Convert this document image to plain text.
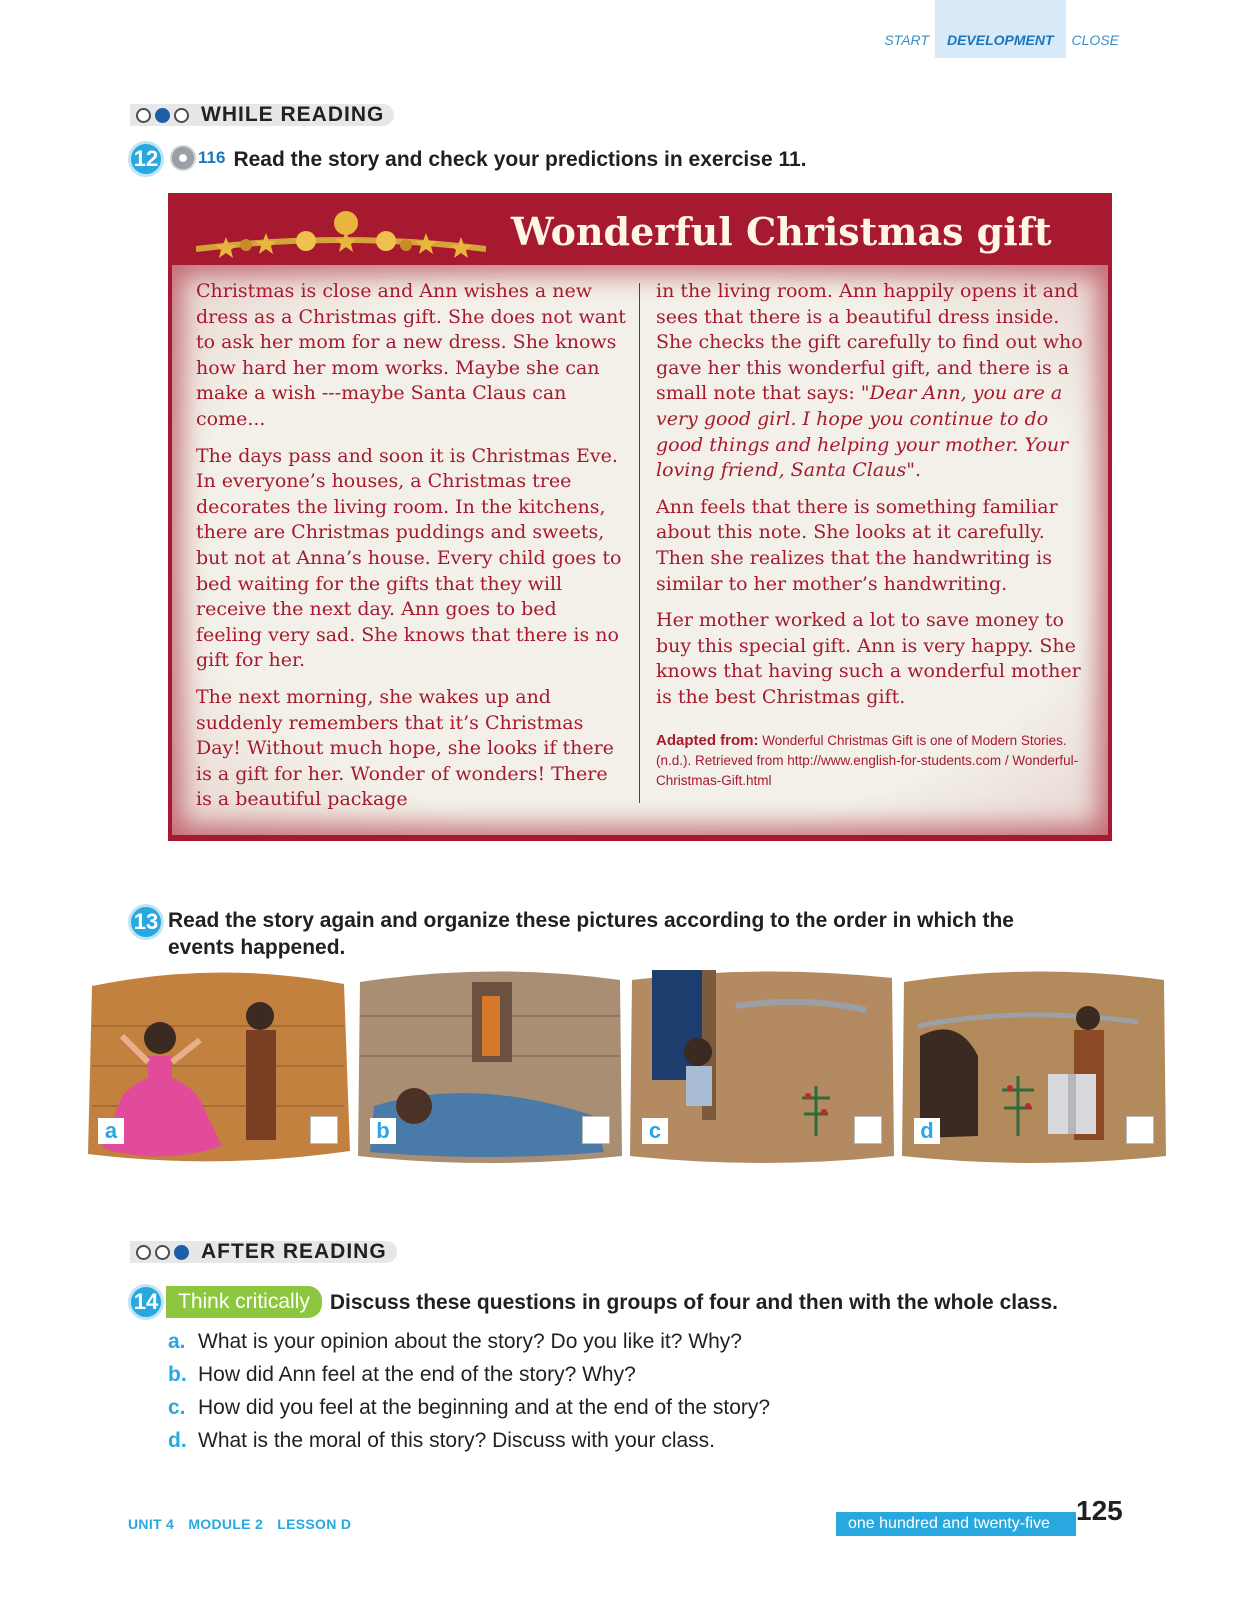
START	DEVELOPMENT	CLOSE
WHILE READING
12	116 Read the story and check your predictions in exercise 11.
Wonderful Christmas gift

Christmas is close and Ann wishes a new dress as a Christmas gift. She does not want to ask her mom for a new dress. She knows how hard her mom works. Maybe she can make a wish ---maybe Santa Claus can come...

The days pass and soon it is Christmas Eve. In everyone’s houses, a Christmas tree decorates the living room. In the kitchens, there are Christmas puddings and sweets, but not at Anna’s house. Every child goes to bed waiting for the gifts that they will receive the next day. Ann goes to bed feeling very sad. She knows that there is no gift for her.

The next morning, she wakes up and suddenly remembers that it’s Christmas Day! Without much hope, she looks if there is a gift for her. Wonder of wonders! There is a beautiful package

in the living room. Ann happily opens it and sees that there is a beautiful dress inside. She checks the gift carefully to find out who gave her this wonderful gift, and there is a small note that says: "Dear Ann, you are a very good girl. I hope you continue to do good things and helping your mother. Your loving friend, Santa Claus".

Ann feels that there is something familiar about this note. She looks at it carefully. Then she realizes that the handwriting is similar to her mother’s handwriting.

Her mother worked a lot to save money to buy this special gift. Ann is very happy. She knows that having such a wonderful mother is the best Christmas gift.

Adapted from: Wonderful Christmas Gift is one of Modern Stories. (n.d.). Retrieved from http://www.english-for-students.com / Wonderful-Christmas-Gift.html
13 Read the story again and organize these pictures according to the order in which the events happened.
a	b	c	d
AFTER READING
14 Think critically Discuss these questions in groups of four and then with the whole class.
a. What is your opinion about the story? Do you like it? Why?
b. How did Ann feel at the end of the story? Why?
c. How did you feel at the beginning and at the end of the story?
d. What is the moral of this story? Discuss with your class.
UNIT 4 MODULE 2 LESSON D	one hundred and twenty-five 125
